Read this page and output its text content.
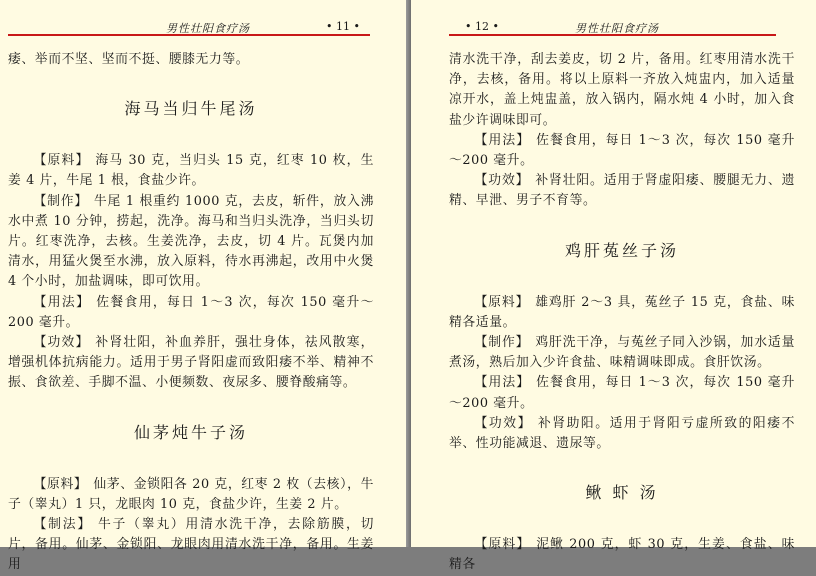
男性壮阳食疗汤	• 11 •

痿、举而不坚、坚而不挺、腰膝无力等。

海马当归牛尾汤

【原料】 海马 30 克，当归头 15 克，红枣 10 枚，生姜 4 片，牛尾 1 根，食盐少许。

【制作】 牛尾 1 根重约 1000 克，去皮，斩件，放入沸水中煮 10 分钟，捞起，洗净。海马和当归头洗净，当归头切片。红枣洗净，去核。生姜洗净，去皮，切 4 片。瓦煲内加清水，用猛火煲至水沸，放入原料，待水再沸起，改用中火煲 4 个小时，加盐调味，即可饮用。

【用法】 佐餐食用，每日 1～3 次，每次 150 毫升～200 毫升。

【功效】 补肾壮阳，补血养肝，强壮身体，祛风散寒，增强机体抗病能力。适用于男子肾阳虚而致阳痿不举、精神不振、食欲差、手脚不温、小便频数、夜尿多、腰脊酸痛等。

仙茅炖牛子汤

【原料】 仙茅、金锁阳各 20 克，红枣 2 枚（去核），牛子（睾丸）1 只，龙眼肉 10 克，食盐少许，生姜 2 片。

【制法】 牛子（睾丸）用清水洗干净，去除筋膜，切片，备用。仙茅、金锁阳、龙眼肉用清水洗干净，备用。生姜用

• 12 •	男性壮阳食疗汤

清水洗干净，刮去姜皮，切 2 片，备用。红枣用清水洗干净，去核，备用。将以上原料一齐放入炖盅内，加入适量凉开水，盖上炖盅盖，放入锅内，隔水炖 4 小时，加入食盐少许调味即可。

【用法】 佐餐食用，每日 1～3 次，每次 150 毫升～200 毫升。

【功效】 补肾壮阳。适用于肾虚阳痿、腰腿无力、遗精、早泄、男子不育等。

鸡肝菟丝子汤

【原料】 雄鸡肝 2～3 具，菟丝子 15 克，食盐、味精各适量。

【制作】 鸡肝洗干净，与菟丝子同入沙锅，加水适量煮汤，熟后加入少许食盐、味精调味即成。食肝饮汤。

【用法】 佐餐食用，每日 1～3 次，每次 150 毫升～200 毫升。

【功效】 补肾助阳。适用于肾阳亏虚所致的阳痿不举、性功能减退、遗尿等。

鳅 虾 汤

【原料】 泥鳅 200 克，虾 30 克，生姜、食盐、味精各
